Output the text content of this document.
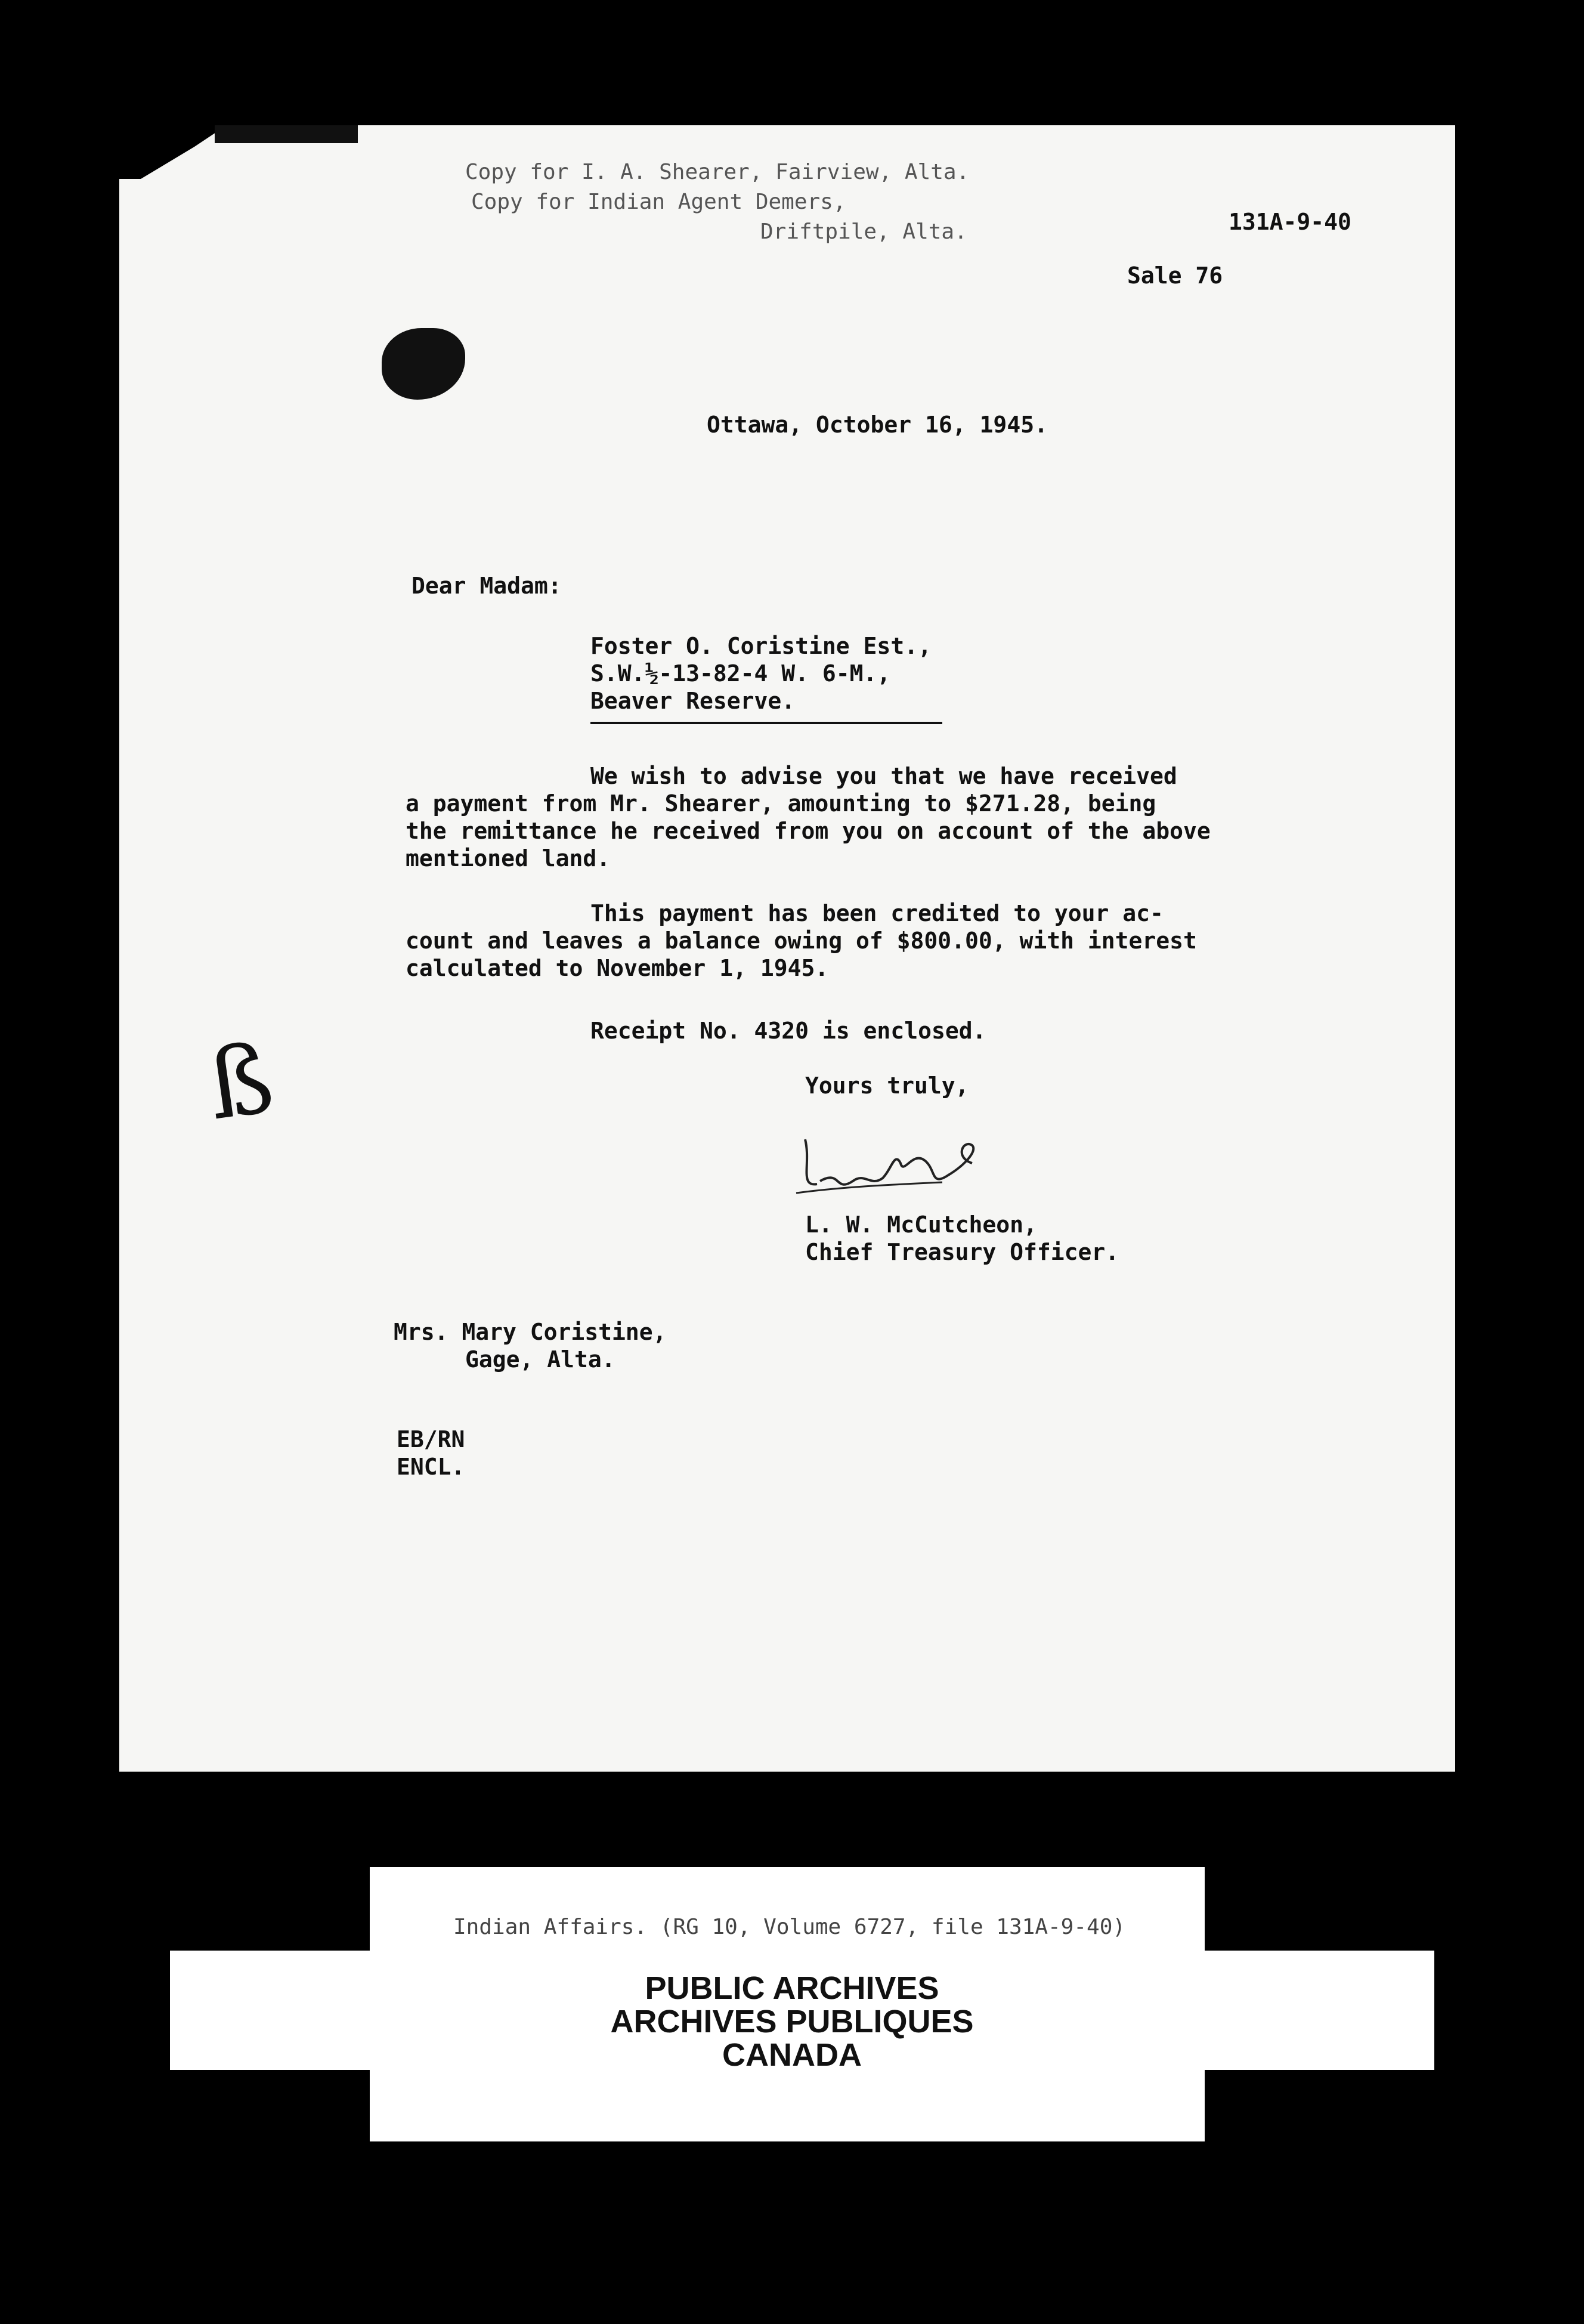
Copy for I. A. Shearer, Fairview, Alta.
Copy for Indian Agent Demers,
Driftpile, Alta.	131A-9-40
Sale 76
Ottawa, October 16, 1945.
Dear Madam:
Foster O. Coristine Est.,
S.W.½-13-82-4 W. 6-M.,
Beaver Reserve.
We wish to advise you that we have received
a payment from Mr. Shearer, amounting to $271.28, being
the remittance he received from you on account of the above
mentioned land.
This payment has been credited to your ac-
count and leaves a balance owing of $800.00, with interest
calculated to November 1, 1945.
Receipt No. 4320 is enclosed.
Yours truly,
L. W. McCutcheon,
Chief Treasury Officer.
Mrs. Mary Coristine,
Gage, Alta.
EB/RN
ENCL.
ß
Indian Affairs. (RG 10, Volume 6727, file 131A-9-40)
PUBLIC ARCHIVES
ARCHIVES PUBLIQUES
CANADA
